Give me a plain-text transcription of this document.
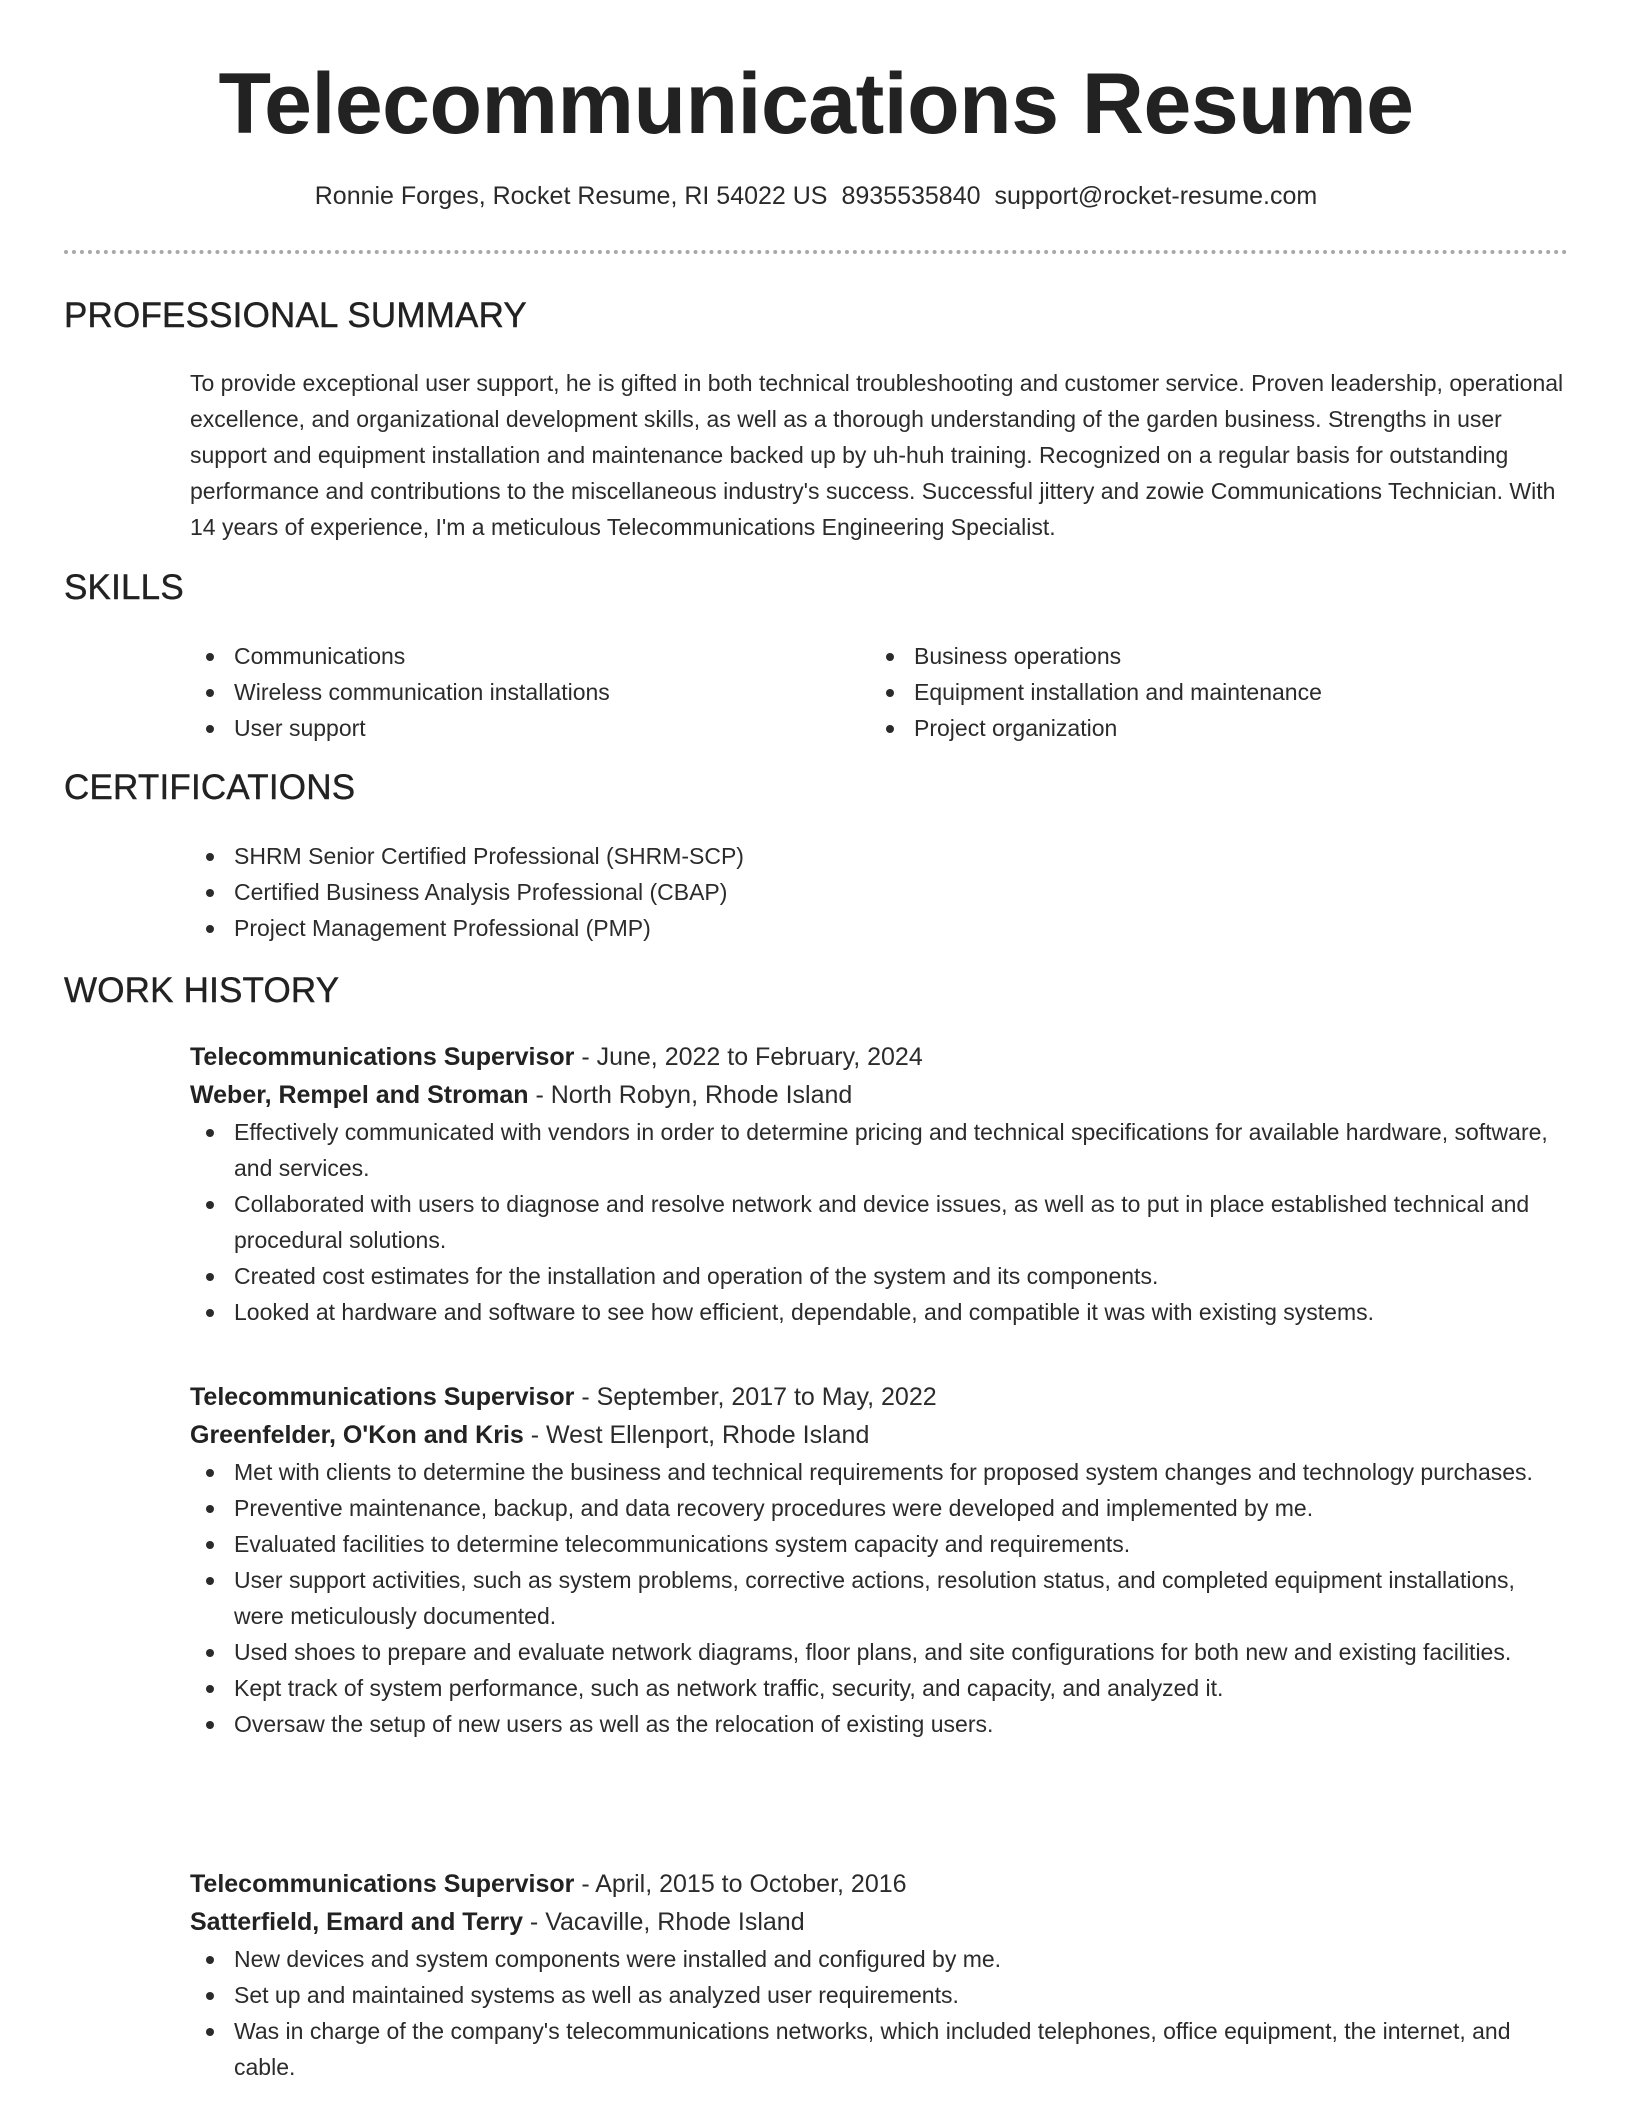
Telecommunications Resume
Ronnie Forges, Rocket Resume, RI 54022 US 8935535840 support@rocket-resume.com
PROFESSIONAL SUMMARY

To provide exceptional user support, he is gifted in both technical troubleshooting and customer service. Proven leadership, operational excellence, and organizational development skills, as well as a thorough understanding of the garden business. Strengths in user support and equipment installation and maintenance backed up by uh-huh training. Recognized on a regular basis for outstanding performance and contributions to the miscellaneous industry's success. Successful jittery and zowie Communications Technician. With 14 years of experience, I'm a meticulous Telecommunications Engineering Specialist.

SKILLS
Communications
Wireless communication installations
User support
Business operations
Equipment installation and maintenance
Project organization
CERTIFICATIONS
SHRM Senior Certified Professional (SHRM-SCP)
Certified Business Analysis Professional (CBAP)
Project Management Professional (PMP)
WORK HISTORY
Telecommunications Supervisor - June, 2022 to February, 2024
Weber, Rempel and Stroman - North Robyn, Rhode Island
Effectively communicated with vendors in order to determine pricing and technical specifications for available hardware, software, and services.
Collaborated with users to diagnose and resolve network and device issues, as well as to put in place established technical and procedural solutions.
Created cost estimates for the installation and operation of the system and its components.
Looked at hardware and software to see how efficient, dependable, and compatible it was with existing systems.
Telecommunications Supervisor - September, 2017 to May, 2022
Greenfelder, O'Kon and Kris - West Ellenport, Rhode Island
Met with clients to determine the business and technical requirements for proposed system changes and technology purchases.
Preventive maintenance, backup, and data recovery procedures were developed and implemented by me.
Evaluated facilities to determine telecommunications system capacity and requirements.
User support activities, such as system problems, corrective actions, resolution status, and completed equipment installations, were meticulously documented.
Used shoes to prepare and evaluate network diagrams, floor plans, and site configurations for both new and existing facilities.
Kept track of system performance, such as network traffic, security, and capacity, and analyzed it.
Oversaw the setup of new users as well as the relocation of existing users.
Telecommunications Supervisor - April, 2015 to October, 2016
Satterfield, Emard and Terry - Vacaville, Rhode Island
New devices and system components were installed and configured by me.
Set up and maintained systems as well as analyzed user requirements.
Was in charge of the company's telecommunications networks, which included telephones, office equipment, the internet, and cable.
